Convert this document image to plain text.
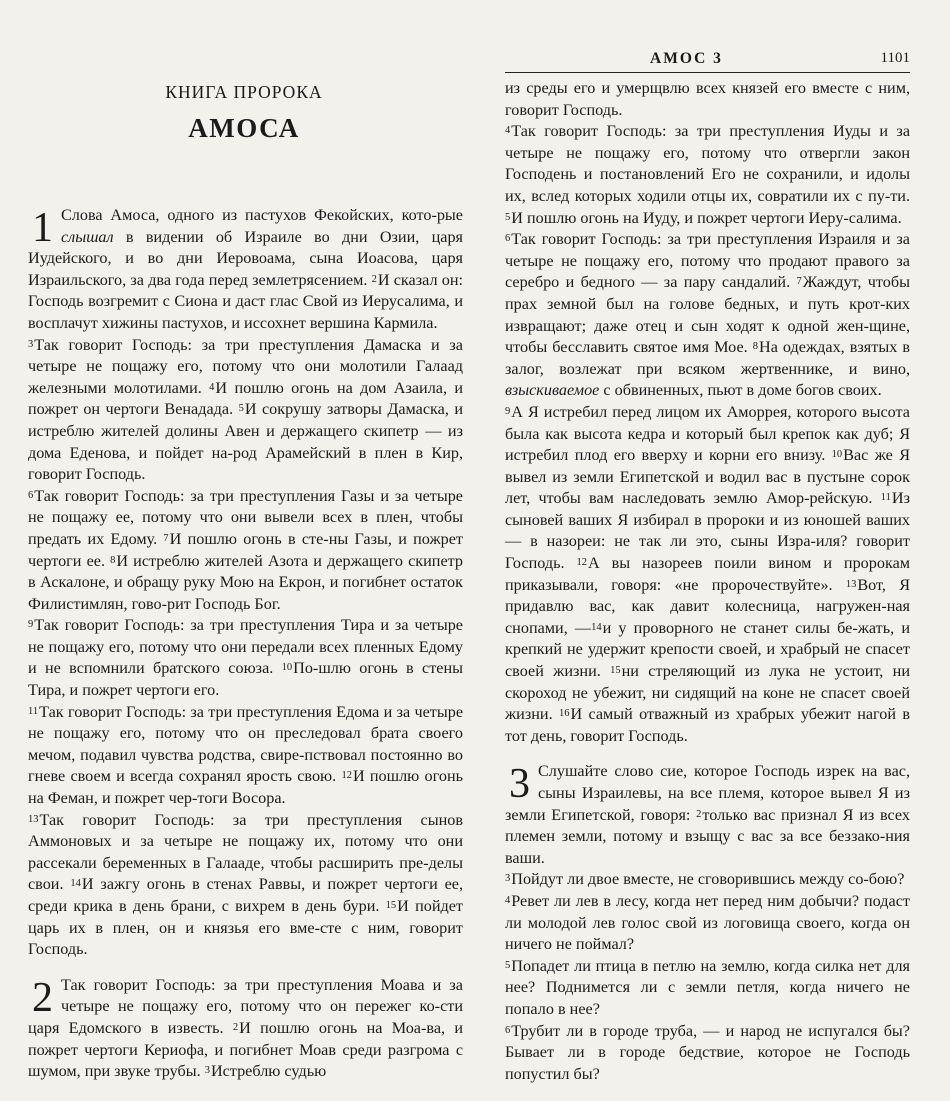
АМОС 3	1101
КНИГА ПРОРОКА
АМОСА
1 Слова Амоса, одного из пастухов Фекойских, кото-рые слышал в видении об Израиле во дни Озии, царя Иудейского, и во дни Иеровоама, сына Иоасова, царя Израильского, за два года перед землетрясением. $^2$И сказал он: Господь возгремит с Сиона и даст глас Свой из Иерусалима, и восплачут хижины пастухов, и иссохнет вершина Кармила.

$^3$Так говорит Господь: за три преступления Дамаска и за четыре не пощажу его, потому что они молотили Галаад железными молотилами. $^4$И пошлю огонь на дом Азаила, и пожрет он чертоги Венадада. $^5$И сокрушу затворы Дамаска, и истреблю жителей долины Авен и держащего скипетр — из дома Еденова, и пойдет на-род Арамейский в плен в Кир, говорит Господь.

$^6$Так говорит Господь: за три преступления Газы и за четыре не пощажу ее, потому что они вывели всех в плен, чтобы предать их Едому. $^7$И пошлю огонь в сте-ны Газы, и пожрет чертоги ее. $^8$И истреблю жителей Азота и держащего скипетр в Аскалоне, и обращу руку Мою на Екрон, и погибнет остаток Филистимлян, гово-рит Господь Бог.

$^9$Так говорит Господь: за три преступления Тира и за четыре не пощажу его, потому что они передали всех пленных Едому и не вспомнили братского союза. $^{10}$По-шлю огонь в стены Тира, и пожрет чертоги его.

$^{11}$Так говорит Господь: за три преступления Едома и за четыре не пощажу его, потому что он преследовал брата своего мечом, подавил чувства родства, свире-пствовал постоянно во гневе своем и всегда сохранял ярость свою. $^{12}$И пошлю огонь на Феман, и пожрет чер-тоги Восора.

$^{13}$Так говорит Господь: за три преступления сынов Аммоновых и за четыре не пощажу их, потому что они рассекали беременных в Галааде, чтобы расширить пре-делы свои. $^{14}$И зажгу огонь в стенах Раввы, и пожрет чертоги ее, среди крика в день брани, с вихрем в день бури. $^{15}$И пойдет царь их в плен, он и князья его вме-сте с ним, говорит Господь.

2 Так говорит Господь: за три преступления Моава и за четыре не пощажу его, потому что он пережег ко-сти царя Едомского в известь. $^2$И пошлю огонь на Моа-ва, и пожрет чертоги Кериофа, и погибнет Моав среди разгрома с шумом, при звуке трубы. $^3$Истреблю судью

из среды его и умерщвлю всех князей его вместе с ним, говорит Господь.

$^4$Так говорит Господь: за три преступления Иуды и за четыре не пощажу его, потому что отвергли закон Господень и постановлений Его не сохранили, и идолы их, вслед которых ходили отцы их, совратили их с пу-ти. $^5$И пошлю огонь на Иуду, и пожрет чертоги Иеру-салима.

$^6$Так говорит Господь: за три преступления Израиля и за четыре не пощажу его, потому что продают правого за серебро и бедного — за пару сандалий. $^7$Жаждут, чтобы прах земной был на голове бедных, и путь крот-ких извращают; даже отец и сын ходят к одной жен-щине, чтобы бесславить святое имя Мое. $^8$На одеждах, взятых в залог, возлежат при всяком жертвеннике, и вино, взыскиваемое с обвиненных, пьют в доме богов своих.

$^9$А Я истребил перед лицом их Аморрея, которого высота была как высота кедра и который был крепок как дуб; Я истребил плод его вверху и корни его внизу. $^{10}$Вас же Я вывел из земли Египетской и водил вас в пустыне сорок лет, чтобы вам наследовать землю Амор-рейскую. $^{11}$Из сыновей ваших Я избирал в пророки и из юношей ваших — в назореи: не так ли это, сыны Изра-иля? говорит Господь. $^{12}$А вы назореев поили вином и пророкам приказывали, говоря: «не пророчествуйте». $^{13}$Вот, Я придавлю вас, как давит колесница, нагружен-ная снопами, —$^{14}$и у проворного не станет силы бе-жать, и крепкий не удержит крепости своей, и храбрый не спасет своей жизни. $^{15}$ни стреляющий из лука не устоит, ни скороход не убежит, ни сидящий на коне не спасет своей жизни. $^{16}$И самый отважный из храбрых убежит нагой в тот день, говорит Господь.

3 Слушайте слово сие, которое Господь изрек на вас, сыны Израилевы, на все племя, которое вывел Я из земли Египетской, говоря: $^2$только вас признал Я из всех племен земли, потому и взыщу с вас за все беззако-ния ваши.

$^3$Пойдут ли двое вместе, не сговорившись между со-бою?

$^4$Ревет ли лев в лесу, когда нет перед ним добычи? подаст ли молодой лев голос свой из логовища своего, когда он ничего не поймал?

$^5$Попадет ли птица в петлю на землю, когда силка нет для нее? Поднимется ли с земли петля, когда ничего не попало в нее?

$^6$Трубит ли в городе труба, — и народ не испугался бы? Бывает ли в городе бедствие, которое не Господь попустил бы?
